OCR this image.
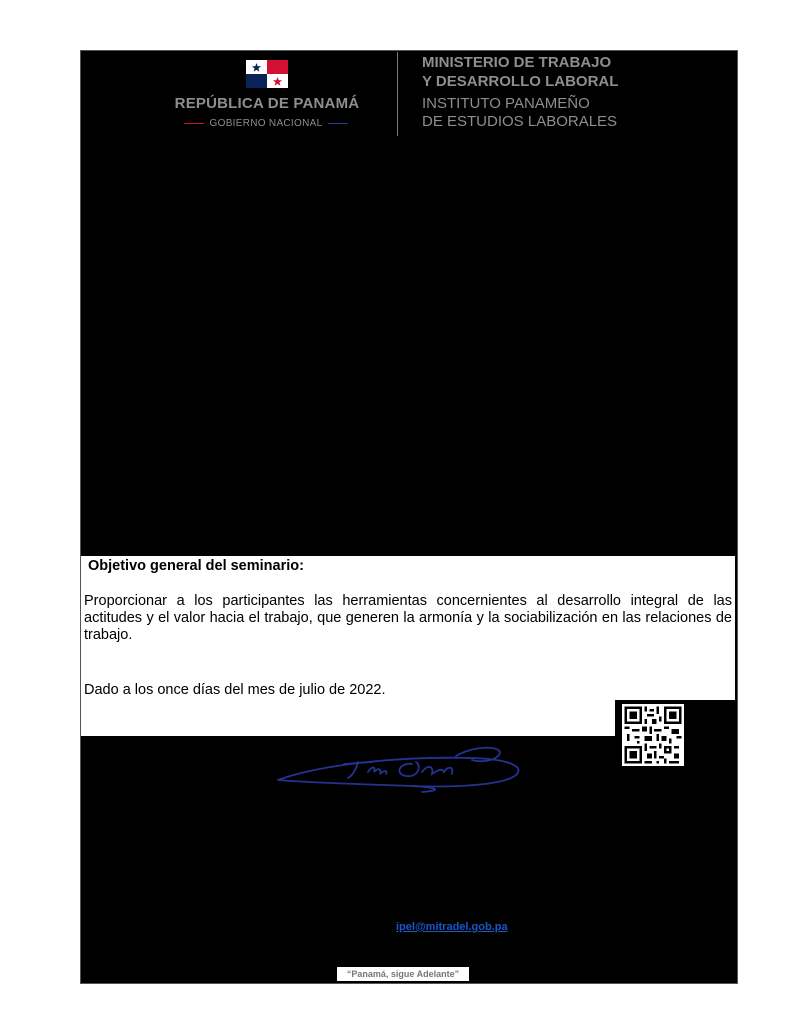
REPÚBLICA DE PANAMÁ
GOBIERNO NACIONAL
MINISTERIO DE TRABAJO
Y DESARROLLO LABORAL
INSTITUTO PANAMEÑO
DE ESTUDIOS LABORALES
Objetivo general del seminario:
Proporcionar a los participantes las herramientas concernientes al desarrollo integral de las actitudes y el valor hacia el trabajo, que generen la armonía y la sociabilización en las relaciones de trabajo.
Dado a los once días del mes de julio de 2022.
ipel@mitradel.gob.pa
“Panamá, sigue Adelante”
